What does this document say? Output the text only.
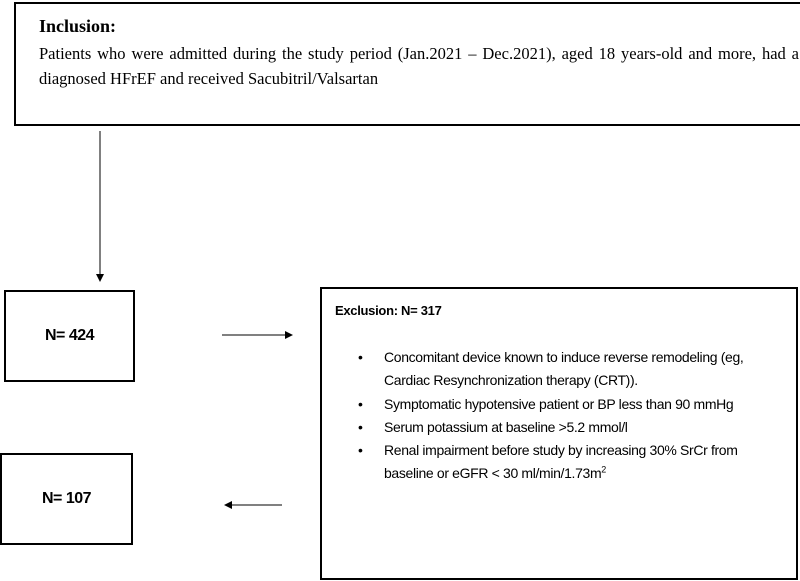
Inclusion:
Patients who were admitted during the study period (Jan.2021 – Dec.2021), aged 18 years-old and more, had a diagnosed HFrEF and received Sacubitril/Valsartan
N= 424
N= 107
Exclusion: N= 317
• Concomitant device known to induce reverse remodeling (eg, Cardiac Resynchronization therapy (CRT)).
• Symptomatic hypotensive patient or BP less than 90 mmHg
• Serum potassium at baseline >5.2 mmol/l
• Renal impairment before study by increasing 30% SrCr from baseline or eGFR < 30 $ml/\min/1.73m^2$
